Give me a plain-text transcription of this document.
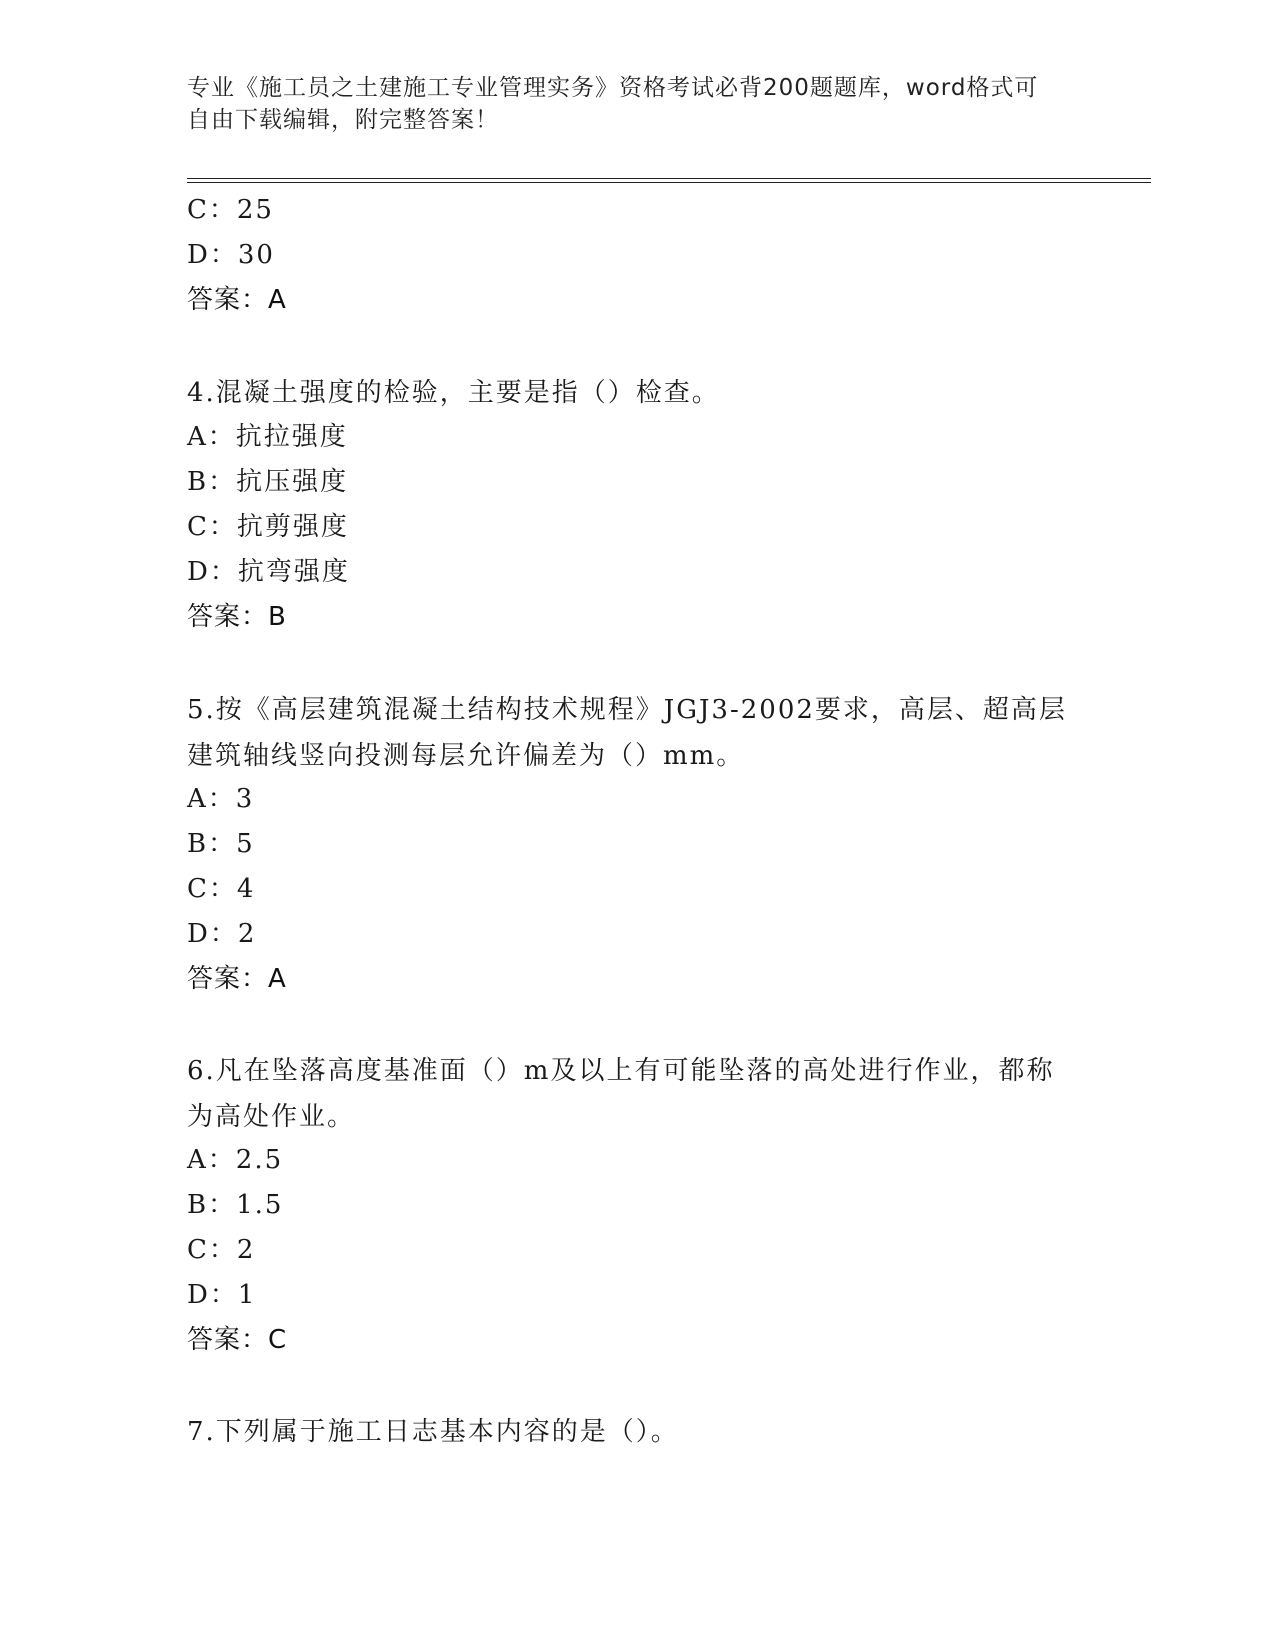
专业《施工员之土建施工专业管理实务》资格考试必背200题题库，word格式可
自由下载编辑，附完整答案！
C：25
D：30
答案：A
4.混凝土强度的检验，主要是指（）检查。
A：抗拉强度
B：抗压强度
C：抗剪强度
D：抗弯强度
答案：B
5.按《高层建筑混凝土结构技术规程》JGJ3-2002要求，高层、超高层
建筑轴线竖向投测每层允许偏差为（）mm。
A：3
B：5
C：4
D：2
答案：A
6.凡在坠落高度基准面（）m及以上有可能坠落的高处进行作业，都称
为高处作业。
A：2.5
B：1.5
C：2
D：1
答案：C
7.下列属于施工日志基本内容的是（）。
